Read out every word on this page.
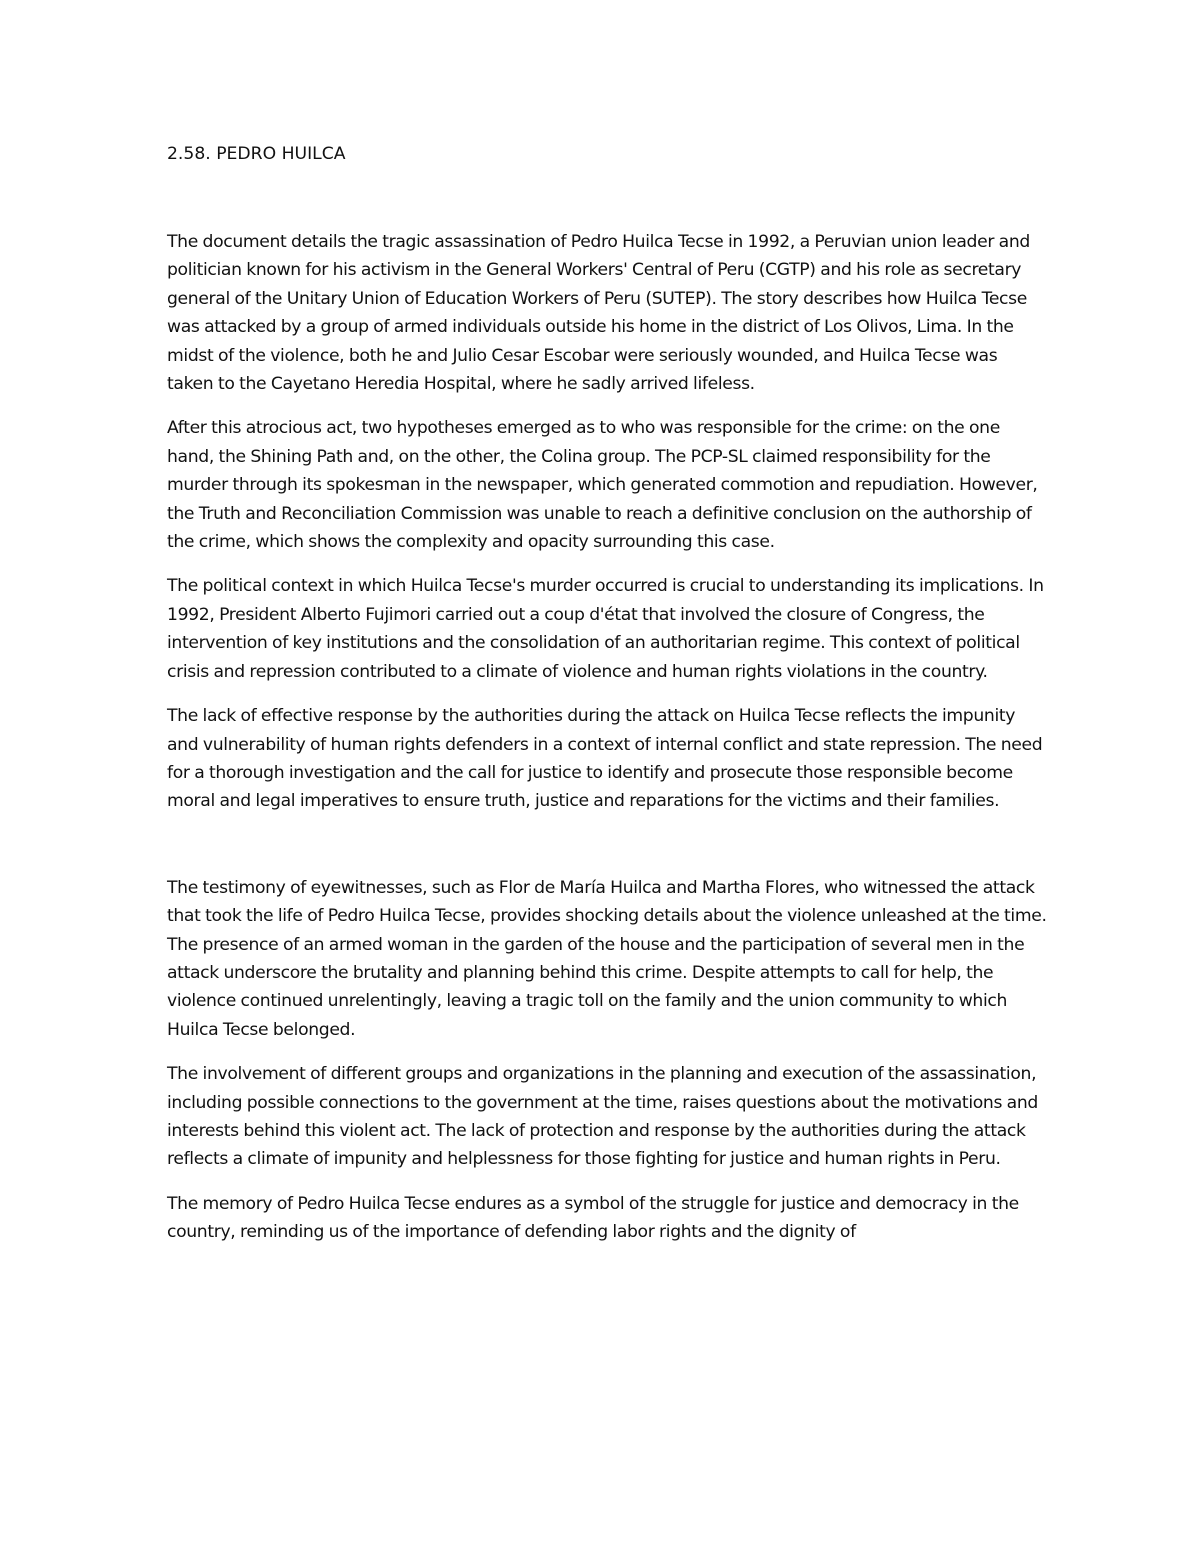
2.58. PEDRO HUILCA

The document details the tragic assassination of Pedro Huilca Tecse in 1992, a Peruvian union leader and politician known for his activism in the General Workers' Central of Peru (CGTP) and his role as secretary general of the Unitary Union of Education Workers of Peru (SUTEP). The story describes how Huilca Tecse was attacked by a group of armed individuals outside his home in the district of Los Olivos, Lima. In the midst of the violence, both he and Julio Cesar Escobar were seriously wounded, and Huilca Tecse was taken to the Cayetano Heredia Hospital, where he sadly arrived lifeless.

After this atrocious act, two hypotheses emerged as to who was responsible for the crime: on the one hand, the Shining Path and, on the other, the Colina group. The PCP-SL claimed responsibility for the murder through its spokesman in the newspaper, which generated commotion and repudiation. However, the Truth and Reconciliation Commission was unable to reach a definitive conclusion on the authorship of the crime, which shows the complexity and opacity surrounding this case.

The political context in which Huilca Tecse's murder occurred is crucial to understanding its implications. In 1992, President Alberto Fujimori carried out a coup d'état that involved the closure of Congress, the intervention of key institutions and the consolidation of an authoritarian regime. This context of political crisis and repression contributed to a climate of violence and human rights violations in the country.

The lack of effective response by the authorities during the attack on Huilca Tecse reflects the impunity and vulnerability of human rights defenders in a context of internal conflict and state repression. The need for a thorough investigation and the call for justice to identify and prosecute those responsible become moral and legal imperatives to ensure truth, justice and reparations for the victims and their families.

The testimony of eyewitnesses, such as Flor de María Huilca and Martha Flores, who witnessed the attack that took the life of Pedro Huilca Tecse, provides shocking details about the violence unleashed at the time. The presence of an armed woman in the garden of the house and the participation of several men in the attack underscore the brutality and planning behind this crime. Despite attempts to call for help, the violence continued unrelentingly, leaving a tragic toll on the family and the union community to which Huilca Tecse belonged.

The involvement of different groups and organizations in the planning and execution of the assassination, including possible connections to the government at the time, raises questions about the motivations and interests behind this violent act. The lack of protection and response by the authorities during the attack reflects a climate of impunity and helplessness for those fighting for justice and human rights in Peru.

The memory of Pedro Huilca Tecse endures as a symbol of the struggle for justice and democracy in the country, reminding us of the importance of defending labor rights and the dignity of
